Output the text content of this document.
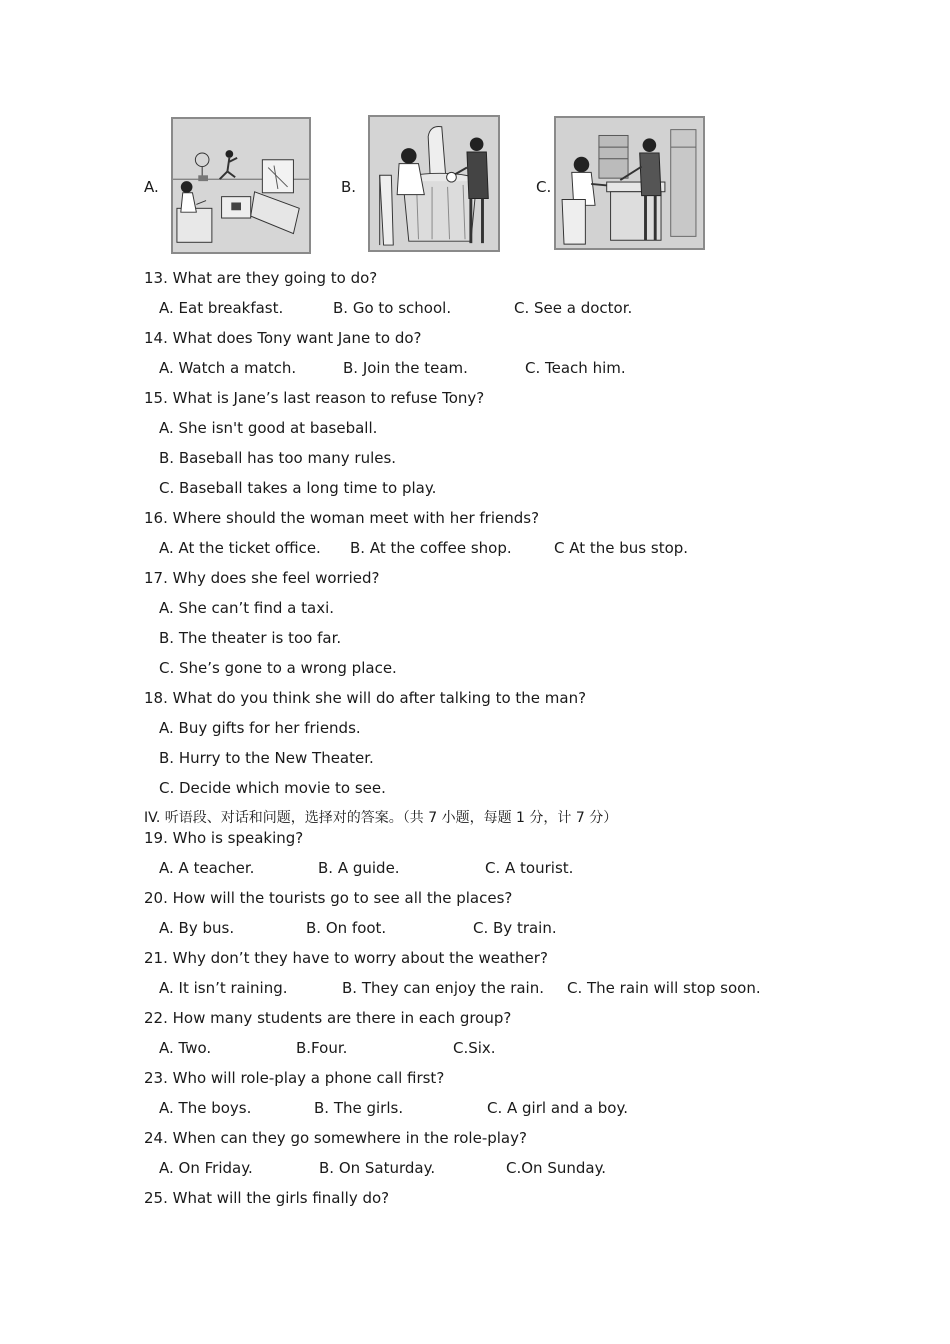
A.	B.	C.
13. What are they going to do?
A. Eat breakfast.	B. Go to school.	C. See a doctor.
14. What does Tony want Jane to do?
A. Watch a match.	B. Join the team.	C. Teach him.
15. What is Jane’s last reason to refuse Tony?
A. She isn't good at baseball.
B. Baseball has too many rules.
C. Baseball takes a long time to play.
16. Where should the woman meet with her friends?
A. At the ticket office. B. At the coffee shop.	C At the bus stop.
17. Why does she feel worried?
A. She can’t find a taxi.
B. The theater is too far.
C. She’s gone to a wrong place.
18. What do you think she will do after talking to the man?
A. Buy gifts for her friends.
B. Hurry to the New Theater.
C. Decide which movie to see.
IV. 听语段、对话和问题，选择对的答案。（共 7 小题，每题 1 分，计 7 分）
19. Who is speaking?
A. A teacher.	B. A guide.	C. A tourist.
20. How will the tourists go to see all the places?
A. By bus.	B. On foot.	C. By train.
21. Why don’t they have to worry about the weather?
A. It isn’t raining.	B. They can enjoy the rain. C. The rain will stop soon.
22. How many students are there in each group?
A. Two.	B.Four.	C.Six.
23. Who will role-play a phone call first?
A. The boys.	B. The girls.	C. A girl and a boy.
24. When can they go somewhere in the role-play?
A. On Friday.	B. On Saturday.	C.On Sunday.
25. What will the girls finally do?
